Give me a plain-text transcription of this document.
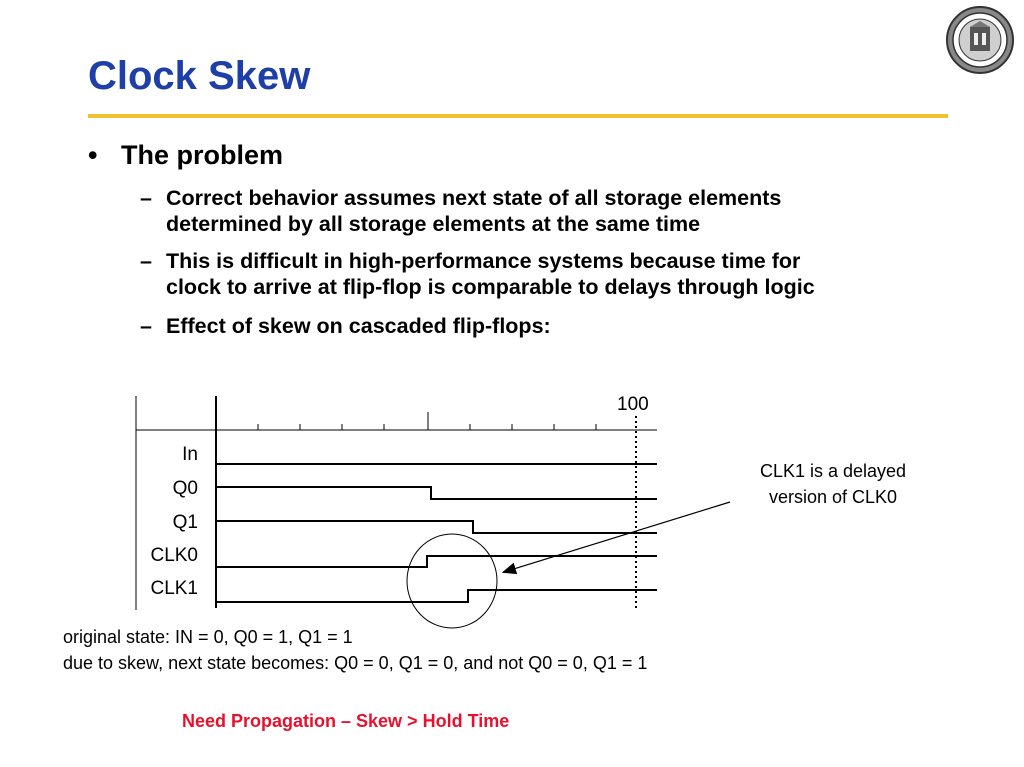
Clock Skew
• The problem
– Correct behavior assumes next state of all storage elements
determined by all storage elements at the same time
– This is difficult in high-performance systems because time for
clock to arrive at flip-flop is comparable to delays through logic
– Effect of skew on cascaded flip-flops:
100
In
Q0
Q1
CLK0
CLK1
CLK1 is a delayed
version of CLK0
original state: IN = 0, Q0 = 1, Q1 = 1
due to skew, next state becomes: Q0 = 0, Q1 = 0, and not Q0 = 0, Q1 = 1
Need Propagation – Skew > Hold Time
